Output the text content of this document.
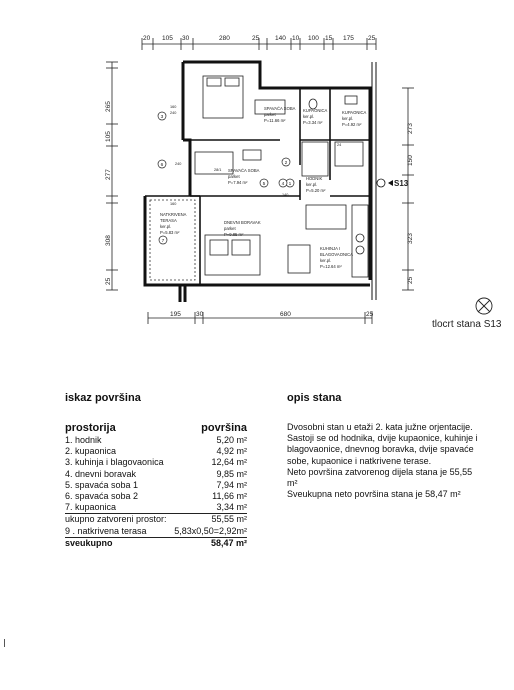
20 105 30	280	25 140 10 100 15 175 25
195 30	680	25
265
105
277
308
25
273
150
323
25
SPAVAĆA SOBA
parket
P=11.66 m²
KUPAONICA
ker.pl.
P=3.34 m²
KUPAONICA
ker.pl.
P=4.92 m²
SPAVAĆA SOBA
parket
P=7.94 m²
HODNIK
ker.pl.
P=5.20 m²
NATKRIVENA
TERASA
ker.pl.
P=5.83 m²
DNEVNI BORAVAK
parket
P=9.85 m²
KUHINJA I
BLAGOVAONICA
ker.pl.
P=12.64 m²
160
240
240
24
160
140
28/1
1
2
3
4
5
6
7
S13
tlocrt stana S13
iskaz površina	opis stana
prostorija	površina
1. hodnik	5,20 m²
2. kupaonica	4,92 m²
3. kuhinja i blagovaonica	12,64 m²
4. dnevni boravak	9,85 m²
5. spavaća soba 1	7,94 m²
6. spavaća soba 2	11,66 m²
7. kupaonica	3,34 m²
ukupno zatvoreni prostor:	55,55 m²
9 . natkrivena terasa	5,83x0,50=2,92m²
sveukupno	58,47 m²

Dvosobni stan u etaži 2. kata južne orjentacije.

Sastoji se od hodnika, dvije kupaonice, kuhinje i blagovaonice, dnevnog boravka, dvije spavaće sobe, kupaonice i natkrivene terase.

Neto površina zatvorenog dijela stana je 55,55 m²

Sveukupna neto površina stana je 58,47 m²
